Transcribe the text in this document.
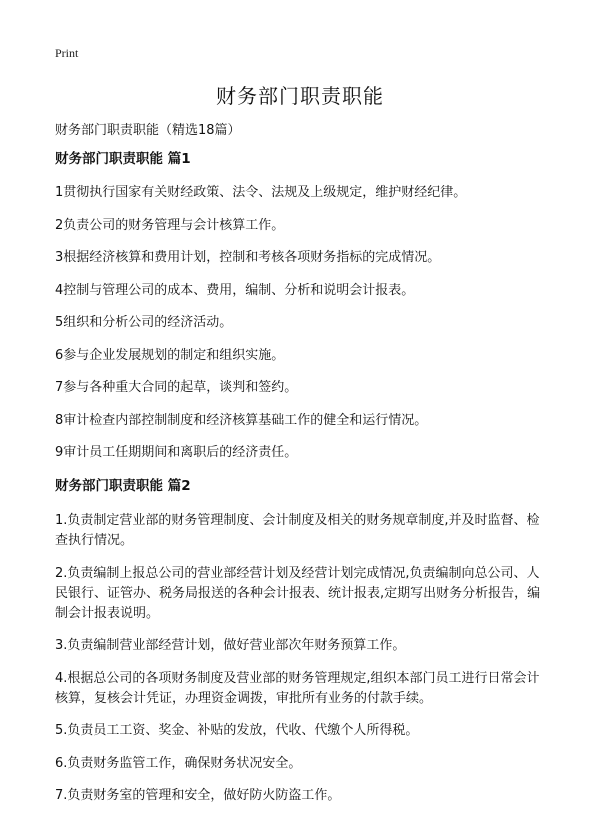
Print
财务部门职责职能
财务部门职责职能（精选18篇）
财务部门职责职能 篇1
1贯彻执行国家有关财经政策、法令、法规及上级规定，维护财经纪律。
2负责公司的财务管理与会计核算工作。
3根据经济核算和费用计划，控制和考核各项财务指标的完成情况。
4控制与管理公司的成本、费用，编制、分析和说明会计报表。
5组织和分析公司的经济活动。
6参与企业发展规划的制定和组织实施。
7参与各种重大合同的起草，谈判和签约。
8审计检查内部控制制度和经济核算基础工作的健全和运行情况。
9审计员工任期期间和离职后的经济责任。
财务部门职责职能 篇2
1.负责制定营业部的财务管理制度、会计制度及相关的财务规章制度,并及时监督、检查执行情况。
2.负责编制上报总公司的营业部经营计划及经营计划完成情况,负责编制向总公司、人民银行、证管办、税务局报送的各种会计报表、统计报表,定期写出财务分析报告，编制会计报表说明。
3.负责编制营业部经营计划，做好营业部次年财务预算工作。
4.根据总公司的各项财务制度及营业部的财务管理规定,组织本部门员工进行日常会计核算，复核会计凭证，办理资金调拨，审批所有业务的付款手续。
5.负责员工工资、奖金、补贴的发放，代收、代缴个人所得税。
6.负责财务监管工作，确保财务状况安全。
7.负责财务室的管理和安全，做好防火防盗工作。
